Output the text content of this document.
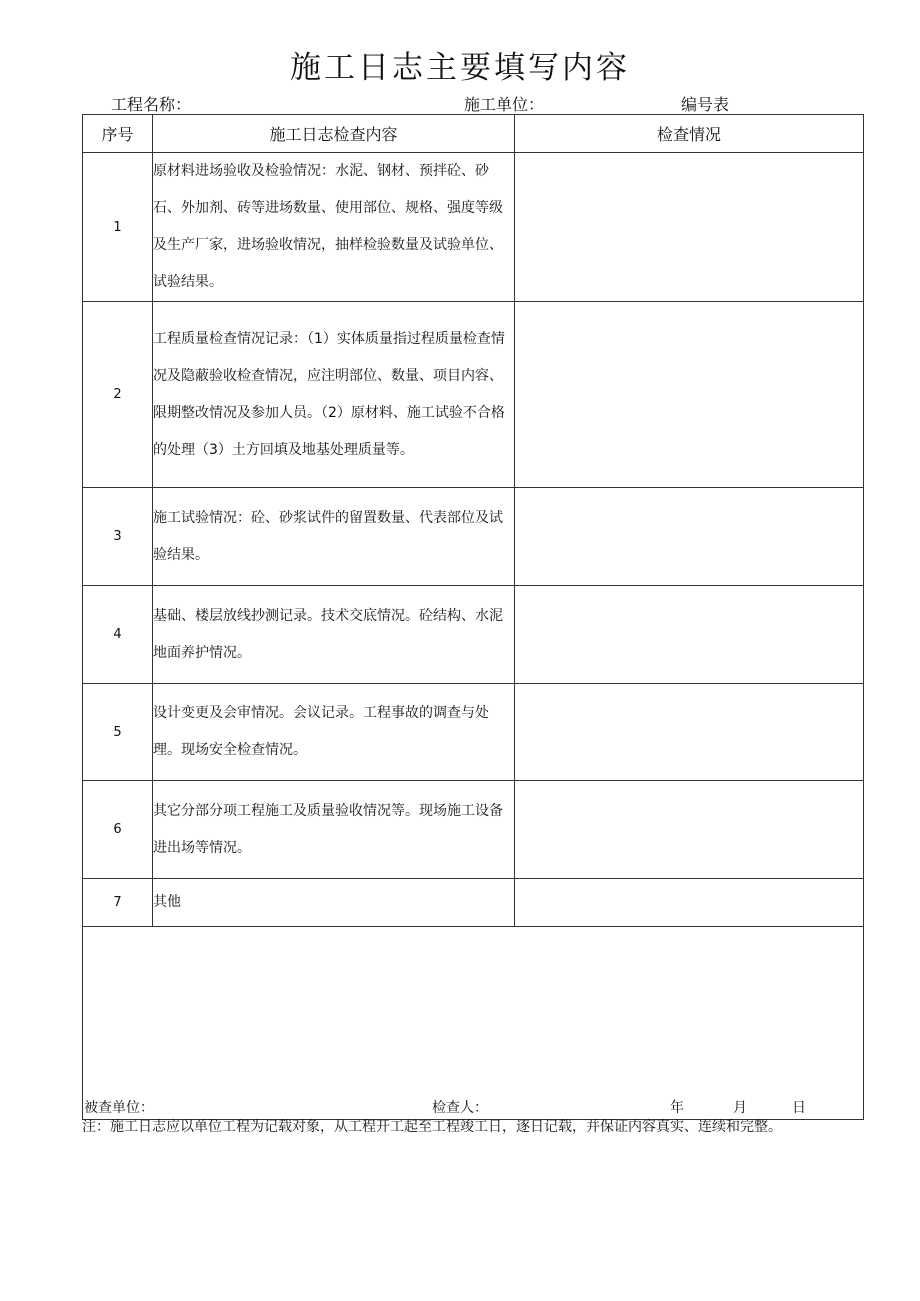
施工日志主要填写内容
工程名称：	施工单位：	编号表
序号	施工日志检查内容	检查情况
1	原材料进场验收及检验情况：水泥、钢材、预拌砼、砂石、外加剂、砖等进场数量、使用部位、规格、强度等级及生产厂家，进场验收情况，抽样检验数量及试验单位、试验结果。	
2	工程质量检查情况记录：（1）实体质量指过程质量检查情况及隐蔽验收检查情况，应注明部位、数量、项目内容、限期整改情况及参加人员。（2）原材料、施工试验不合格的处理（3）土方回填及地基处理质量等。	
3	施工试验情况：砼、砂浆试件的留置数量、代表部位及试验结果。	
4	基础、楼层放线抄测记录。技术交底情况。砼结构、水泥地面养护情况。	
5	设计变更及会审情况。会议记录。工程事故的调查与处理。现场安全检查情况。	
6	其它分部分项工程施工及质量验收情况等。现场施工设备进出场等情况。	
7	其他	

被查单位： 检查人： 年 月 日		
注：施工日志应以单位工程为记载对象，从工程开工起至工程竣工日，逐日记载，并保证内容真实、连续和完整。
